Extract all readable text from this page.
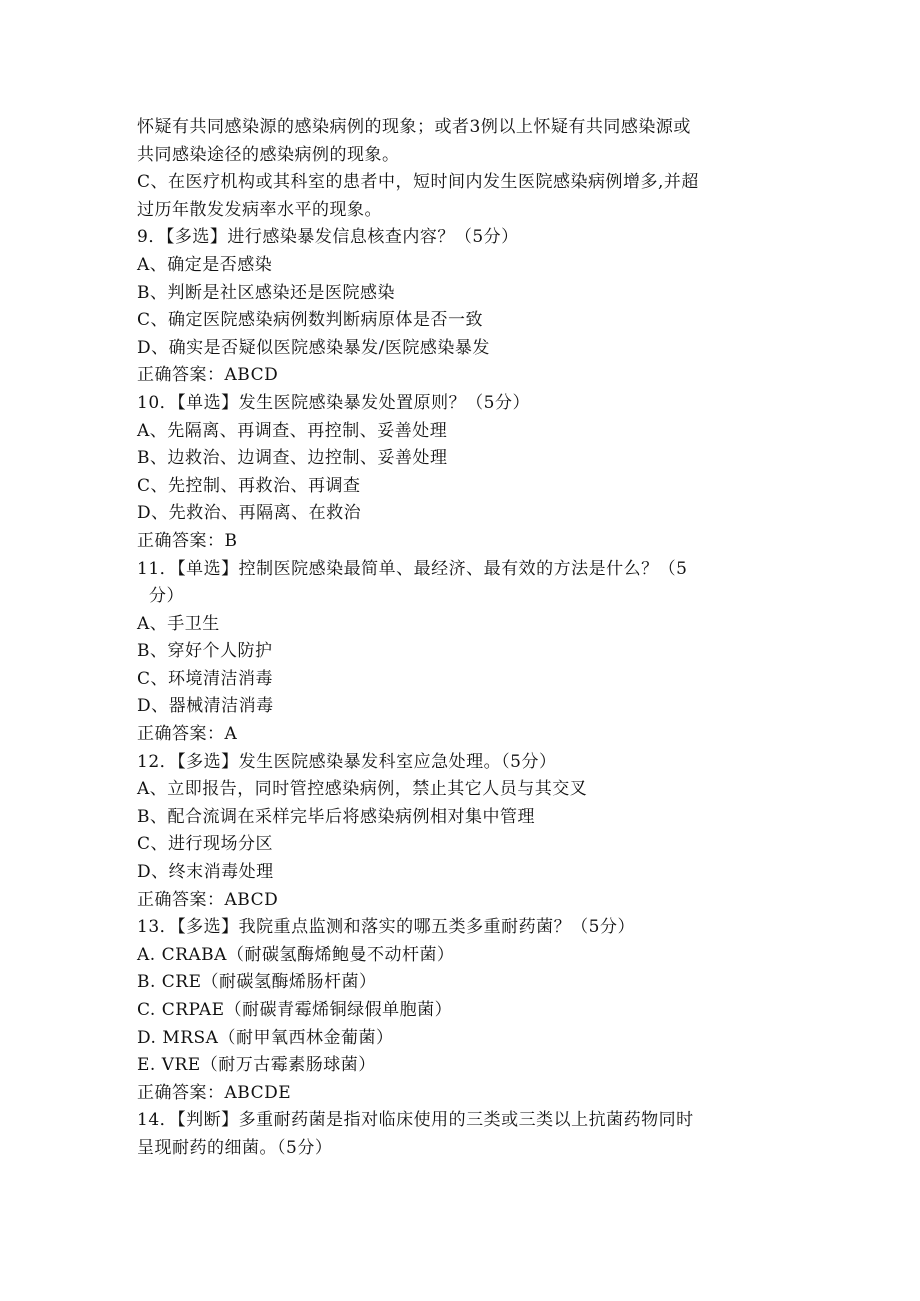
怀疑有共同感染源的感染病例的现象；或者3例以上怀疑有共同感染源或
共同感染途径的感染病例的现象。
C、在医疗机构或其科室的患者中，短时间内发生医院感染病例增多,并超
过历年散发发病率水平的现象。
9．【多选】进行感染暴发信息核查内容？（5分）
A、确定是否感染
B、判断是社区感染还是医院感染
C、确定医院感染病例数判断病原体是否一致
D、确实是否疑似医院感染暴发/医院感染暴发
正确答案：ABCD
10．【单选】发生医院感染暴发处置原则？（5分）
A、先隔离、再调查、再控制、妥善处理
B、边救治、边调查、边控制、妥善处理
C、先控制、再救治、再调查
D、先救治、再隔离、在救治
正确答案：B
11．【单选】控制医院感染最简单、最经济、最有效的方法是什么？（5
分）
A、手卫生
B、穿好个人防护
C、环境清洁消毒
D、器械清洁消毒
正确答案：A
12．【多选】发生医院感染暴发科室应急处理。（5分）
A、立即报告，同时管控感染病例，禁止其它人员与其交叉
B、配合流调在采样完毕后将感染病例相对集中管理
C、进行现场分区
D、终末消毒处理
正确答案：ABCD
13．【多选】我院重点监测和落实的哪五类多重耐药菌？（5分）
A. CRABA（耐碳氢酶烯鲍曼不动杆菌）
B. CRE（耐碳氢酶烯肠杆菌）
C. CRPAE（耐碳青霉烯铜绿假单胞菌）
D. MRSA（耐甲氧西林金葡菌）
E. VRE（耐万古霉素肠球菌）
正确答案：ABCDE
14．【判断】多重耐药菌是指对临床使用的三类或三类以上抗菌药物同时
呈现耐药的细菌。（5分）
